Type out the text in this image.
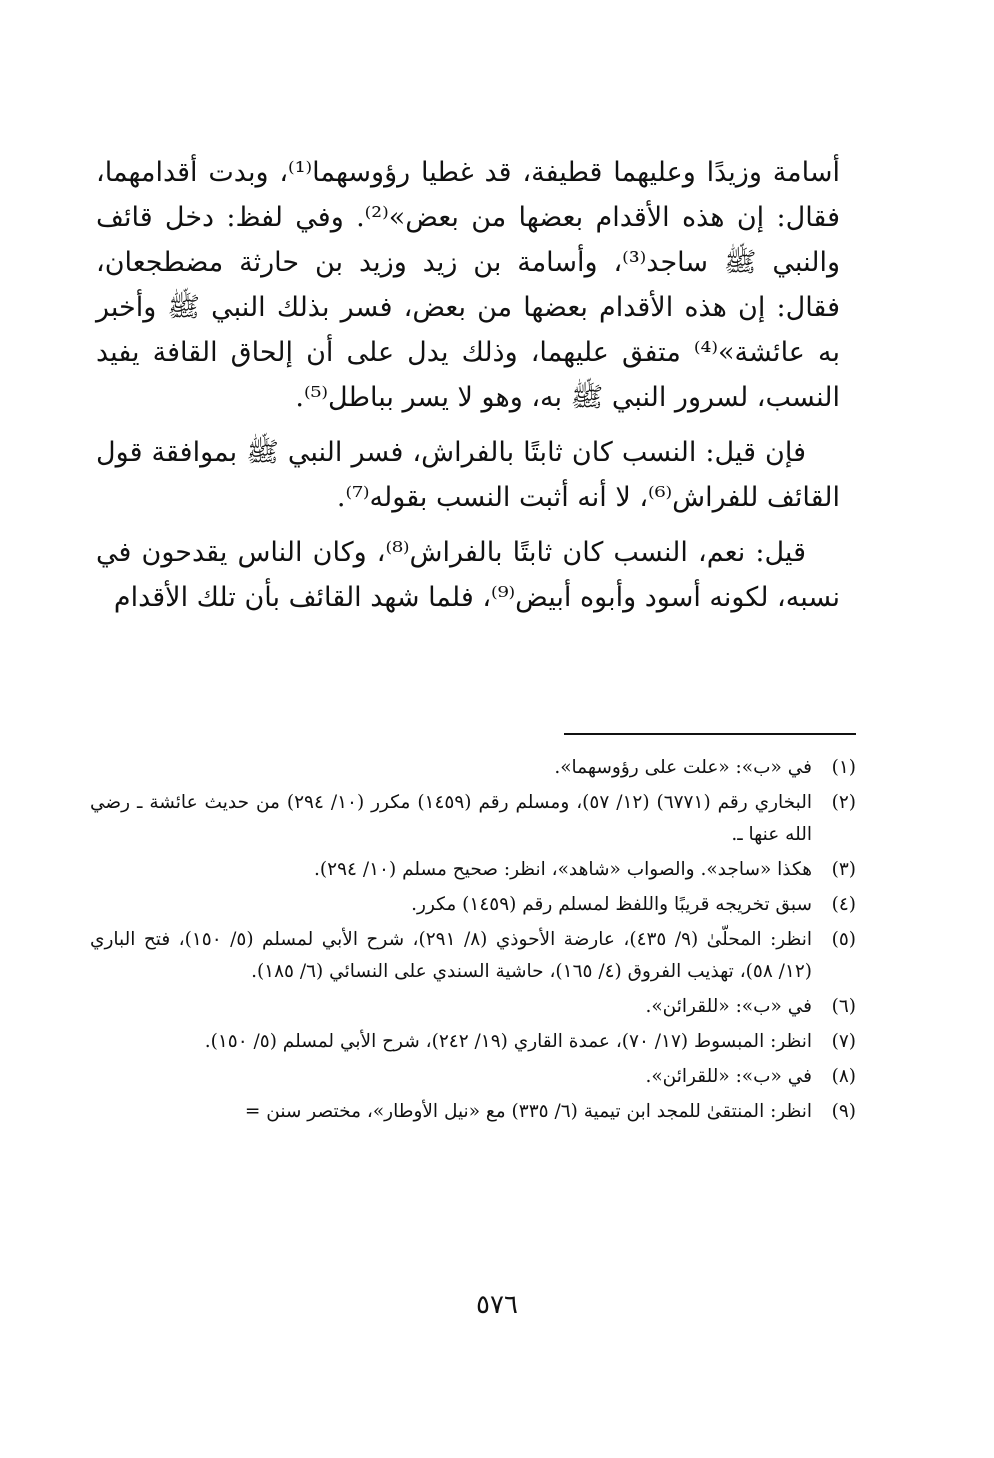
أسامة وزيدًا وعليهما قطيفة، قد غطيا رؤوسهما⁽¹⁾، وبدت أقدامهما، فقال: إن هذه الأقدام بعضها من بعض»⁽²⁾. وفي لفظ: دخل قائف والنبي ﷺ ساجد⁽³⁾، وأسامة بن زيد وزيد بن حارثة مضطجعان، فقال: إن هذه الأقدام بعضها من بعض، فسر بذلك النبي ﷺ وأخبر به عائشة»⁽⁴⁾ متفق عليهما، وذلك يدل على أن إلحاق القافة يفيد النسب، لسرور النبي ﷺ به، وهو لا يسر بباطل⁽⁵⁾.

فإن قيل: النسب كان ثابتًا بالفراش، فسر النبي ﷺ بموافقة قول القائف للفراش⁽⁶⁾، لا أنه أثبت النسب بقوله⁽⁷⁾.

قيل: نعم، النسب كان ثابتًا بالفراش⁽⁸⁾، وكان الناس يقدحون في نسبه، لكونه أسود وأبوه أبيض⁽⁹⁾، فلما شهد القائف بأن تلك الأقدام

(١)
في «ب»: «علت على رؤوسهما».
(٢)
البخاري رقم (٦٧٧١) (١٢/ ٥٧)، ومسلم رقم (١٤٥٩) مكرر (١٠/ ٢٩٤) من حديث عائشة ـ رضي الله عنها ـ.
(٣)
هكذا «ساجد». والصواب «شاهد»، انظر: صحيح مسلم (١٠/ ٢٩٤).
(٤)
سبق تخريجه قريبًا واللفظ لمسلم رقم (١٤٥٩) مكرر.
(٥)
انظر: المحلّىٰ (٩/ ٤٣٥)، عارضة الأحوذي (٨/ ٢٩١)، شرح الأبي لمسلم (٥/ ١٥٠)، فتح الباري (١٢/ ٥٨)، تهذيب الفروق (٤/ ١٦٥)، حاشية السندي على النسائي (٦/ ١٨٥).
(٦)
في «ب»: «للقرائن».
(٧)
انظر: المبسوط (١٧/ ٧٠)، عمدة القاري (١٩/ ٢٤٢)، شرح الأبي لمسلم (٥/ ١٥٠).
(٨)
في «ب»: «للقرائن».
(٩)
انظر: المنتقىٰ للمجد ابن تيمية (٦/ ٣٣٥) مع «نيل الأوطار»، مختصر سنن =
٥٧٦
